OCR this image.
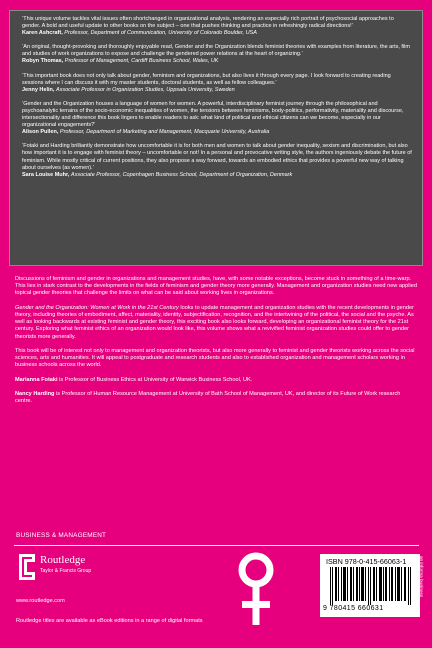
‘This unique volume tackles vital issues often shortchanged in organizational analysis, rendering an especially rich portrait of psychosocial approaches to gender. A bold and useful update to other books on the subject – one that pushes thinking and practice in refreshingly radical directions!’
Karen Ashcraft, Professor, Department of Communication, University of Colorado Boulder, USA
‘An original, thought-provoking and thoroughly enjoyable read, Gender and the Organization blends feminist theories with examples from literature, the arts, film and studies of work organizations to expose and challenge the gendered power relations at the heart of organizing.’
Robyn Thomas, Professor of Management, Cardiff Business School, Wales, UK
‘This important book does not only talk about gender, feminism and organizations, but also lives it through every page. I look forward to creating reading sessions where I can discuss it with my master students, doctoral students, as well as fellow colleagues.’
Jenny Helin, Associate Professor in Organization Studies, Uppsala University, Sweden
‘Gender and the Organization houses a language of women for women. A powerful, interdisciplinary feminist journey through the philosophical and psychoanalytic terrains of the socio-economic inequalities of women, the tensions between feminisms, body-politics, performativity, materiality and discourse, intersectionality and difference this book lingers to enable readers to ask: what kind of political and ethical citizens can we become, especially in our organizational engagements?’
Alison Pullen, Professor, Department of Marketing and Management, Macquarie University, Australia
‘Fotaki and Harding brilliantly demonstrate how uncomfortable it is for both men and women to talk about gender inequality, sexism and discrimination, but also how important it is to engage with feminist theory – uncomfortable or not! In a personal and provocative writing style, the authors ingeniously debate the future of feminism. While mostly critical of current positions, they also propose a way forward, towards an embodied ethics that provides a powerful new way of talking about ourselves (as women).’
Sara Louise Muhr, Associate Professor, Copenhagen Business School, Department of Organization, Denmark

Discussions of feminism and gender in organizations and management studies, have, with some notable exceptions, become stuck in something of a time-warp. This lies in stark contrast to the developments in the fields of feminism and gender theory more generally. Management and organization studies need new applied topical gender theories that challenge the limits on what can be said about working lives in organizations.

Gender and the Organization: Women at Work in the 21st Century looks to update management and organization studies with the recent developments in gender theory, including theories of embodiment, affect, materiality, identity, subjectification, recognition, and the intertwining of the political, the social and the psyche. As well as looking backwards at existing feminist and gender theory, this exciting book also looks forward, developing an organizational feminist theory for the 21st century. Exploring what feminist ethics of an organization would look like, this volume shows what a revivified feminist organization studies could offer to gender theorists more generally.

This book will be of interest not only to management and organization theorists, but also more generally to feminist and gender theorists working across the social sciences, arts and humanities. It will appeal to postgraduate and research students and also to established organization and management scholars working in business schools across the world.

Marianna Fotaki is Professor of Business Ethics at University of Warwick Business School, UK.

Nancy Harding is Professor of Human Resource Management at University of Bath School of Management, UK, and director of its Future of Work research centre.

BUSINESS & MANAGEMENT
Routledge
Taylor & Francis Group
www.routledge.com
Routledge titles are available as eBook editions in a range of digital formats
ISBN 978-0-415-66063-1
9 780415 660631
an informa business
